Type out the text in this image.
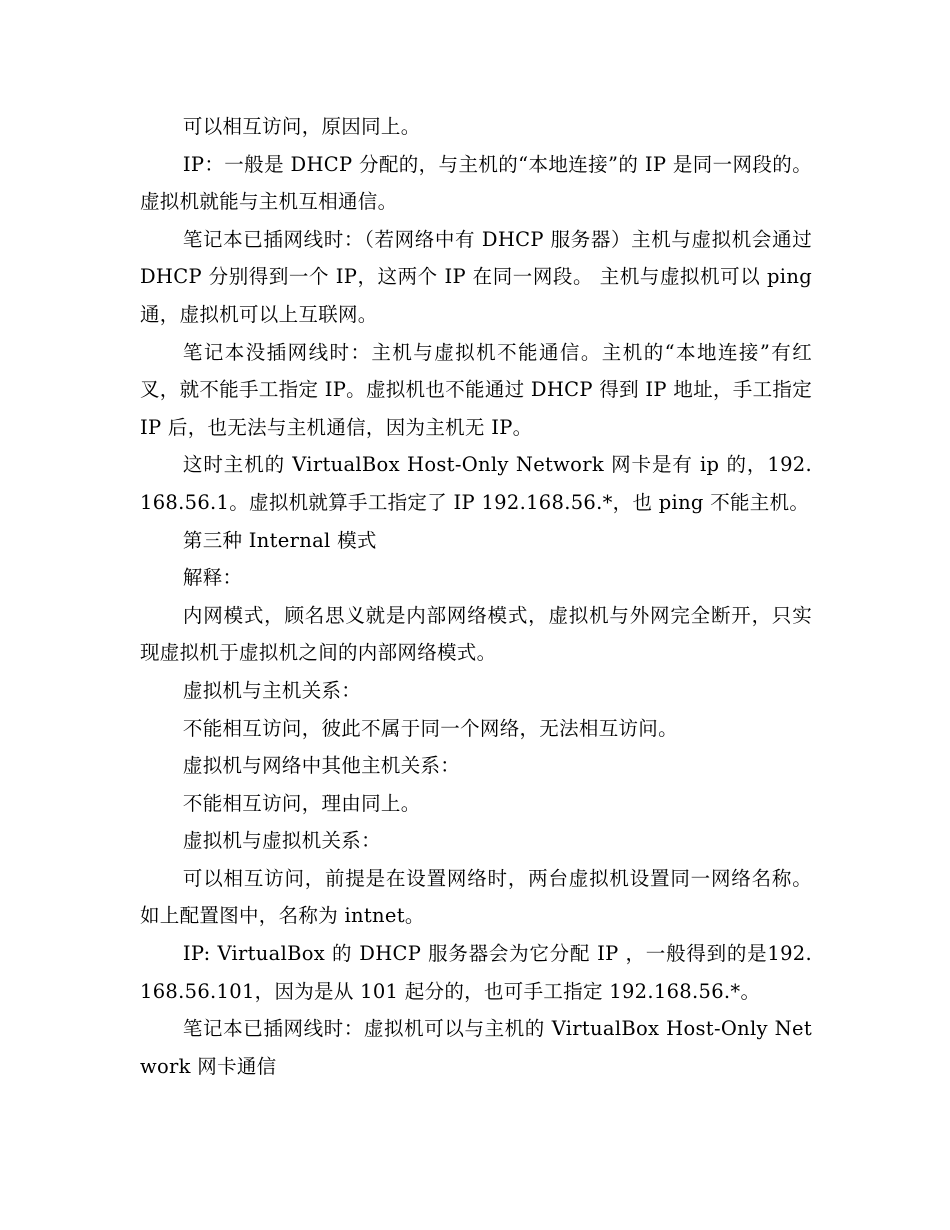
可以相互访问，原因同上。

IP：一般是 DHCP 分配的，与主机的“本地连接”的 IP 是同一网段的。虚拟机就能与主机互相通信。

笔记本已插网线时：（若网络中有 DHCP 服务器）主机与虚拟机会通过 DHCP 分别得到一个 IP，这两个 IP 在同一网段。 主机与虚拟机可以 ping 通，虚拟机可以上互联网。

笔记本没插网线时：主机与虚拟机不能通信。主机的“本地连接”有红叉，就不能手工指定 IP。虚拟机也不能通过 DHCP 得到 IP 地址，手工指定 IP 后，也无法与主机通信，因为主机无 IP。

这时主机的 VirtualBox Host-Only Network 网卡是有 ip 的，192.168.56.1。虚拟机就算手工指定了 IP 192.168.56.*，也 ping 不能主机。

第三种 Internal 模式

解释：

内网模式，顾名思义就是内部网络模式，虚拟机与外网完全断开，只实现虚拟机于虚拟机之间的内部网络模式。

虚拟机与主机关系：

不能相互访问，彼此不属于同一个网络，无法相互访问。

虚拟机与网络中其他主机关系：

不能相互访问，理由同上。

虚拟机与虚拟机关系：

可以相互访问，前提是在设置网络时，两台虚拟机设置同一网络名称。如上配置图中，名称为 intnet。

IP: VirtualBox 的 DHCP 服务器会为它分配 IP ，一般得到的是192.168.56.101，因为是从 101 起分的，也可手工指定 192.168.56.*。

笔记本已插网线时：虚拟机可以与主机的 VirtualBox Host-Only Network 网卡通信
